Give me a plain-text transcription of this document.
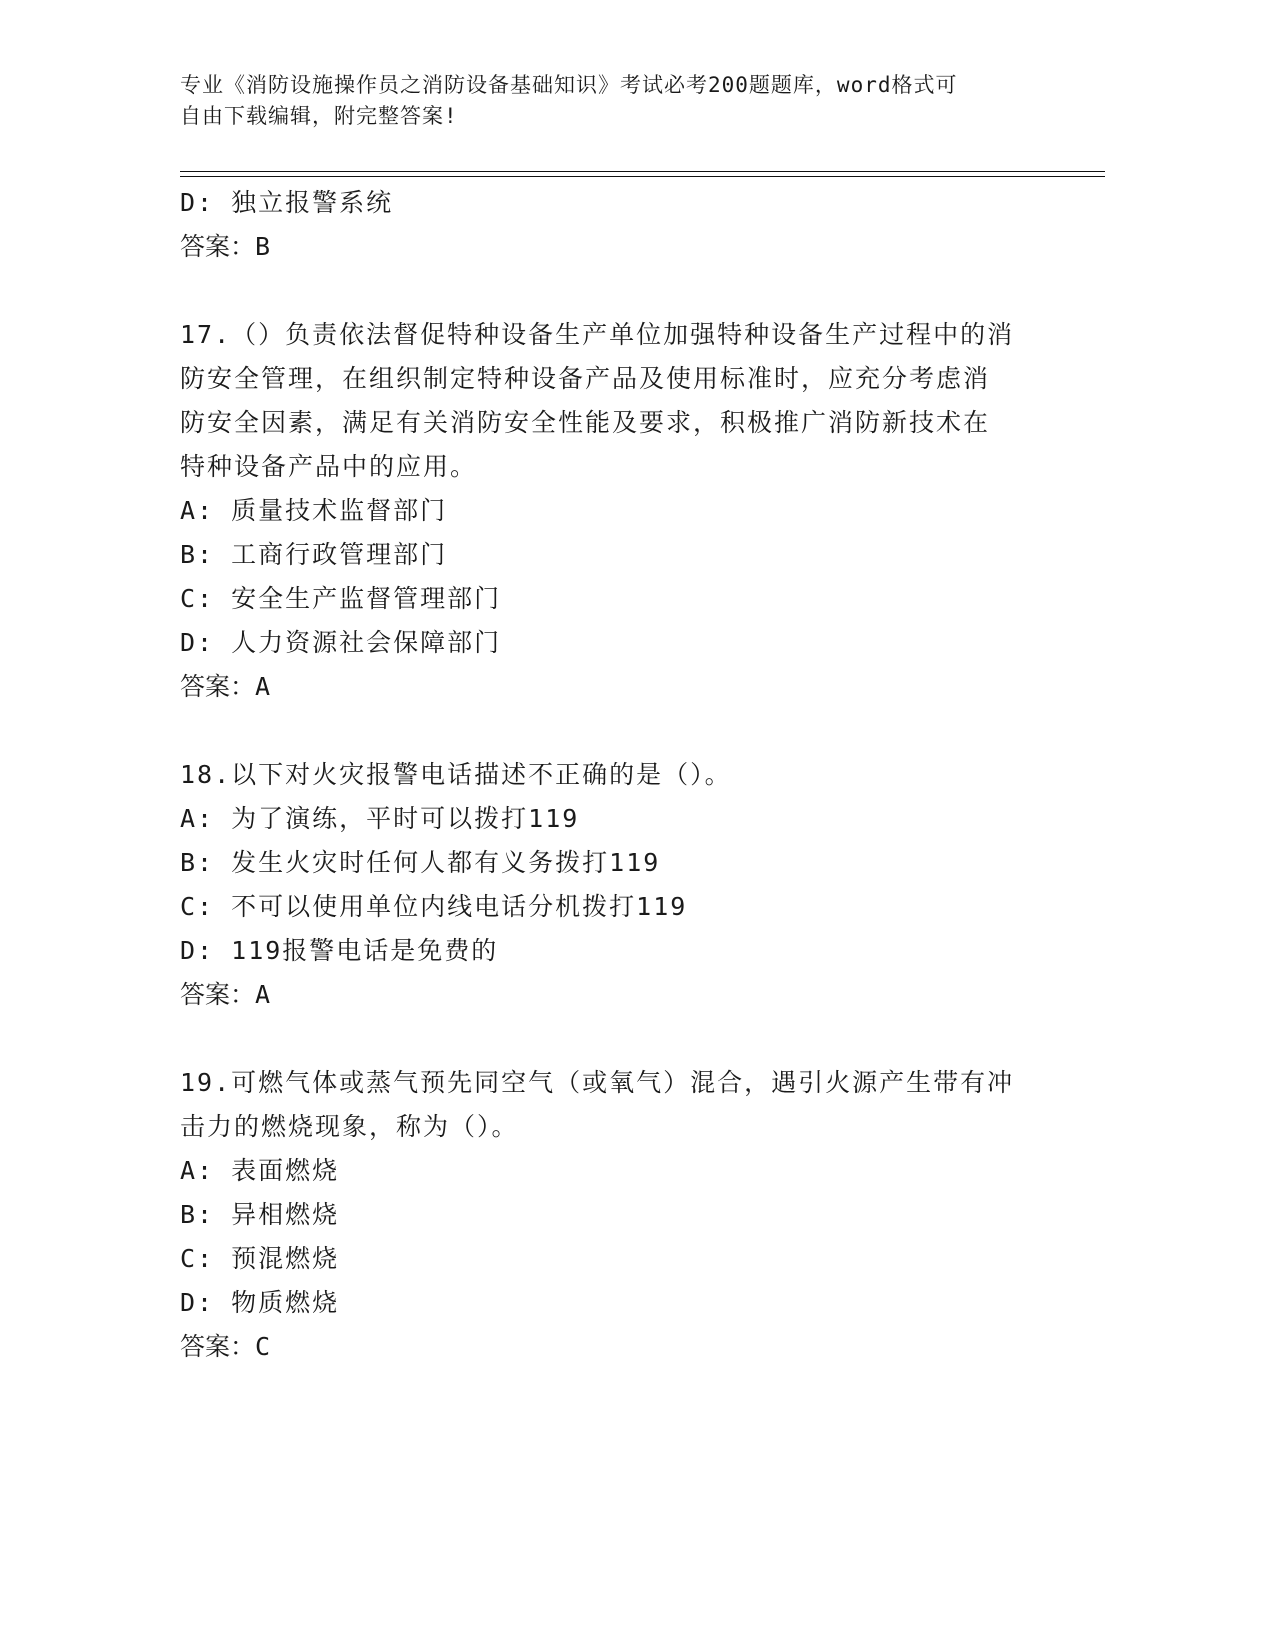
专业《消防设施操作员之消防设备基础知识》考试必考200题题库，word格式可
自由下载编辑，附完整答案!
D: 独立报警系统
答案：B
17.（）负责依法督促特种设备生产单位加强特种设备生产过程中的消
防安全管理，在组织制定特种设备产品及使用标准时，应充分考虑消
防安全因素，满足有关消防安全性能及要求，积极推广消防新技术在
特种设备产品中的应用。
A: 质量技术监督部门
B: 工商行政管理部门
C: 安全生产监督管理部门
D: 人力资源社会保障部门
答案：A
18.以下对火灾报警电话描述不正确的是（）。
A: 为了演练，平时可以拨打119
B: 发生火灾时任何人都有义务拨打119
C: 不可以使用单位内线电话分机拨打119
D: 119报警电话是免费的
答案：A
19.可燃气体或蒸气预先同空气（或氧气）混合，遇引火源产生带有冲
击力的燃烧现象，称为（）。
A: 表面燃烧
B: 异相燃烧
C: 预混燃烧
D: 物质燃烧
答案：C
